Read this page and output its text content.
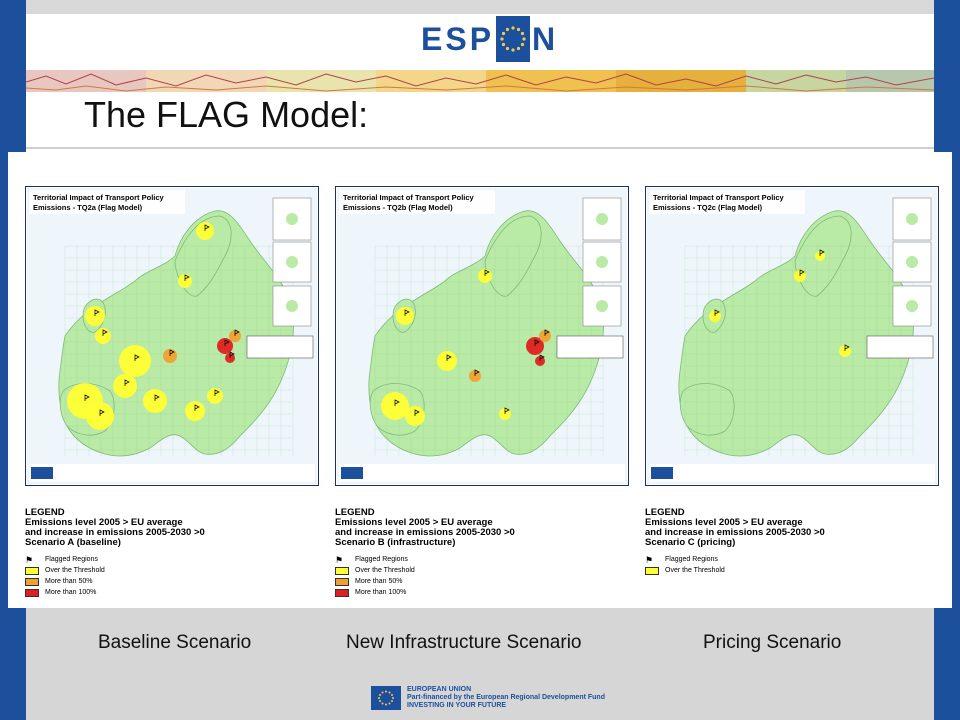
ESP N
The FLAG Model:
Territorial Impact of Transport Policy
Emissions - TQ2a (Flag Model)
LEGEND
Emissions level 2005 > EU average
and increase in emissions 2005-2030 >0
Scenario A (baseline)
⚑	Flagged Regions
Over the Threshold
More than 50%
More than 100%
Territorial Impact of Transport Policy
Emissions - TQ2b (Flag Model)
LEGEND
Emissions level 2005 > EU average
and increase in emissions 2005-2030 >0
Scenario B (infrastructure)
⚑	Flagged Regions
Over the Threshold
More than 50%
More than 100%
Territorial Impact of Transport Policy
Emissions - TQ2c (Flag Model)
LEGEND
Emissions level 2005 > EU average
and increase in emissions 2005-2030 >0
Scenario C (pricing)
⚑	Flagged Regions
Over the Threshold
Baseline Scenario	New Infrastructure Scenario	Pricing Scenario
EUROPEAN UNION
Part-financed by the European Regional Development Fund
INVESTING IN YOUR FUTURE
